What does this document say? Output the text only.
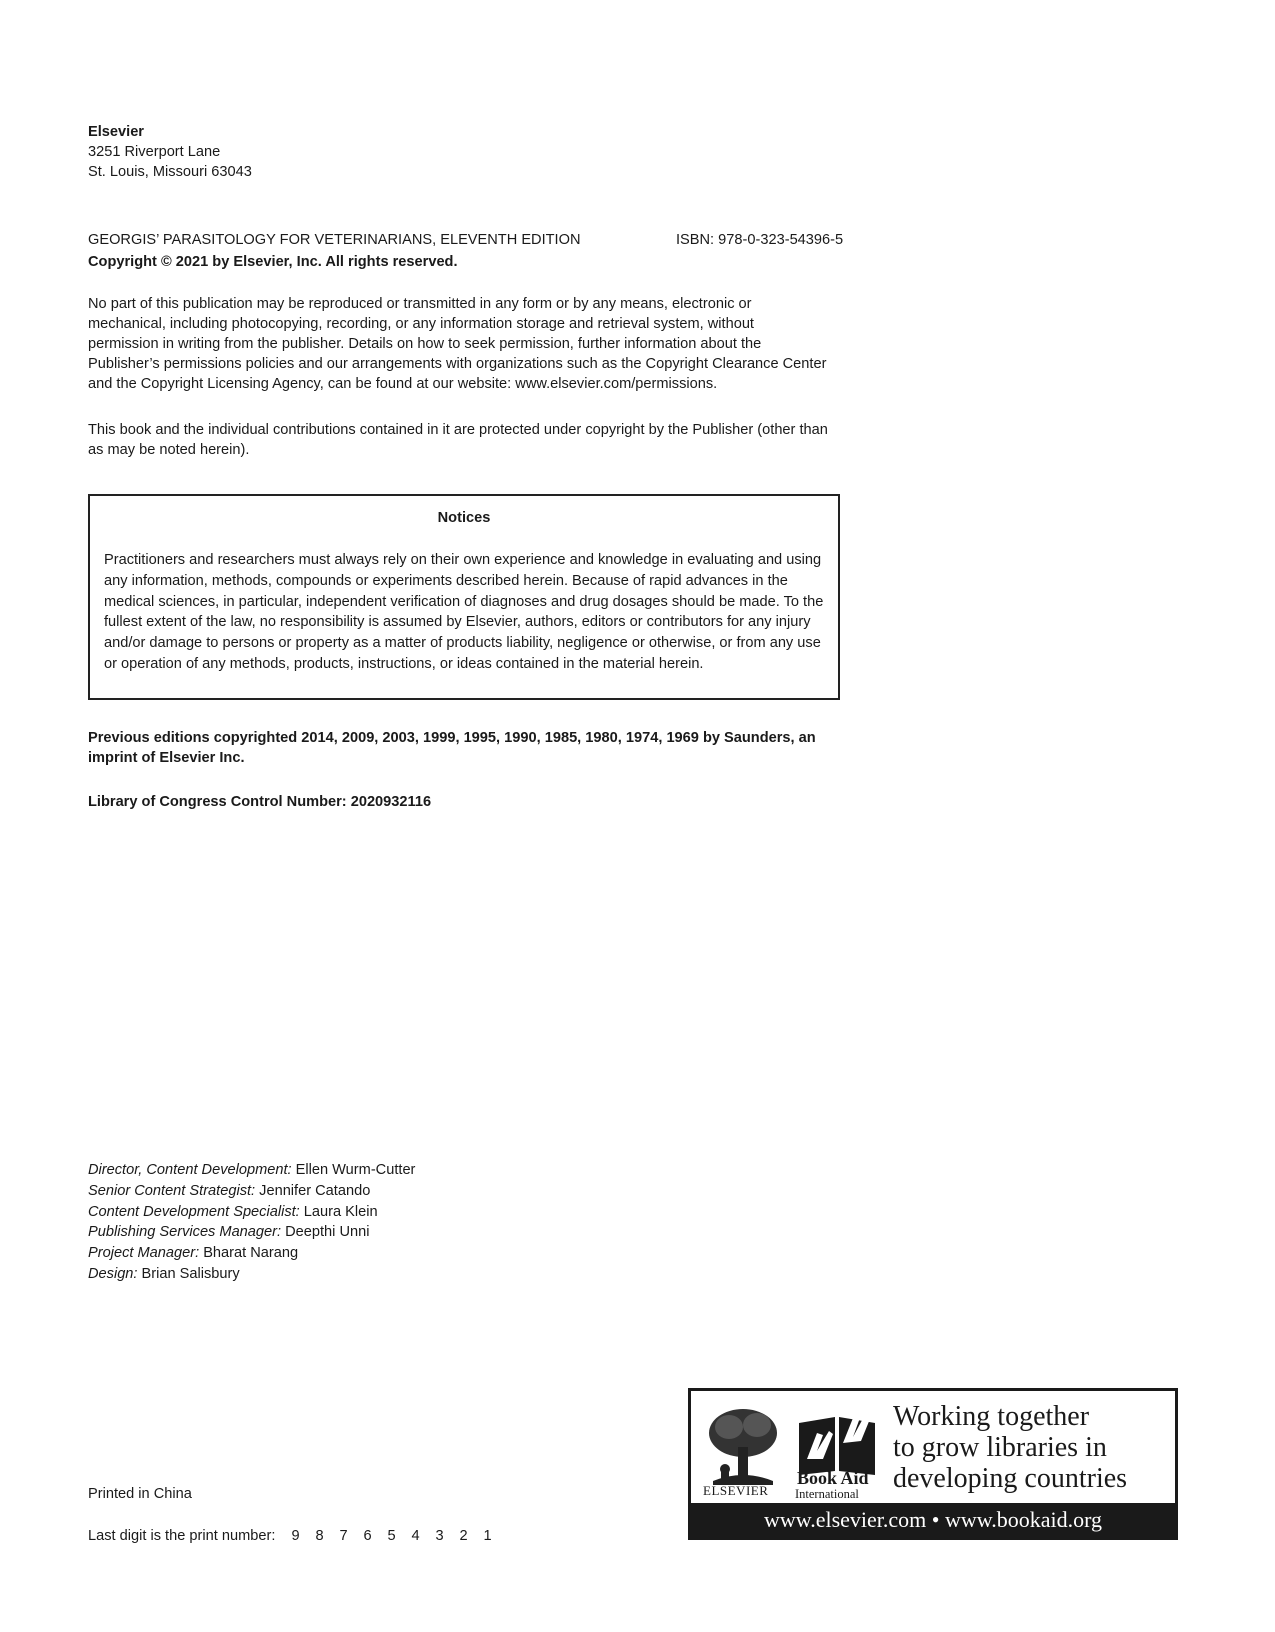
Elsevier
3251 Riverport Lane
St. Louis, Missouri 63043
GEORGIS’ PARASITOLOGY FOR VETERINARIANS, ELEVENTH EDITION	ISBN: 978-0-323-54396-5
Copyright © 2021 by Elsevier, Inc. All rights reserved.

No part of this publication may be reproduced or transmitted in any form or by any means, electronic or mechanical, including photocopying, recording, or any information storage and retrieval system, without permission in writing from the publisher. Details on how to seek permission, further information about the Publisher’s permissions policies and our arrangements with organizations such as the Copyright Clearance Center and the Copyright Licensing Agency, can be found at our website: www.elsevier.com/permissions.

This book and the individual contributions contained in it are protected under copyright by the Publisher (other than as may be noted herein).

Notices

Practitioners and researchers must always rely on their own experience and knowledge in evaluating and using any information, methods, compounds or experiments described herein. Because of rapid advances in the medical sciences, in particular, independent verification of diagnoses and drug dosages should be made. To the fullest extent of the law, no responsibility is assumed by Elsevier, authors, editors or contributors for any injury and/or damage to persons or property as a matter of products liability, negligence or otherwise, or from any use or operation of any methods, products, instructions, or ideas contained in the material herein.

Previous editions copyrighted 2014, 2009, 2003, 1999, 1995, 1990, 1985, 1980, 1974, 1969 by Saunders, an imprint of Elsevier Inc.

Library of Congress Control Number: 2020932116
Director, Content Development: Ellen Wurm-Cutter
Senior Content Strategist: Jennifer Catando
Content Development Specialist: Laura Klein
Publishing Services Manager: Deepthi Unni
Project Manager: Bharat Narang
Design: Brian Salisbury
Printed in China
Last digit is the print number: 9 8 7 6 5 4 3 2 1
ELSEVIER
Book Aid
International
Working together
to grow libraries in
developing countries
www.elsevier.com • www.bookaid.org
